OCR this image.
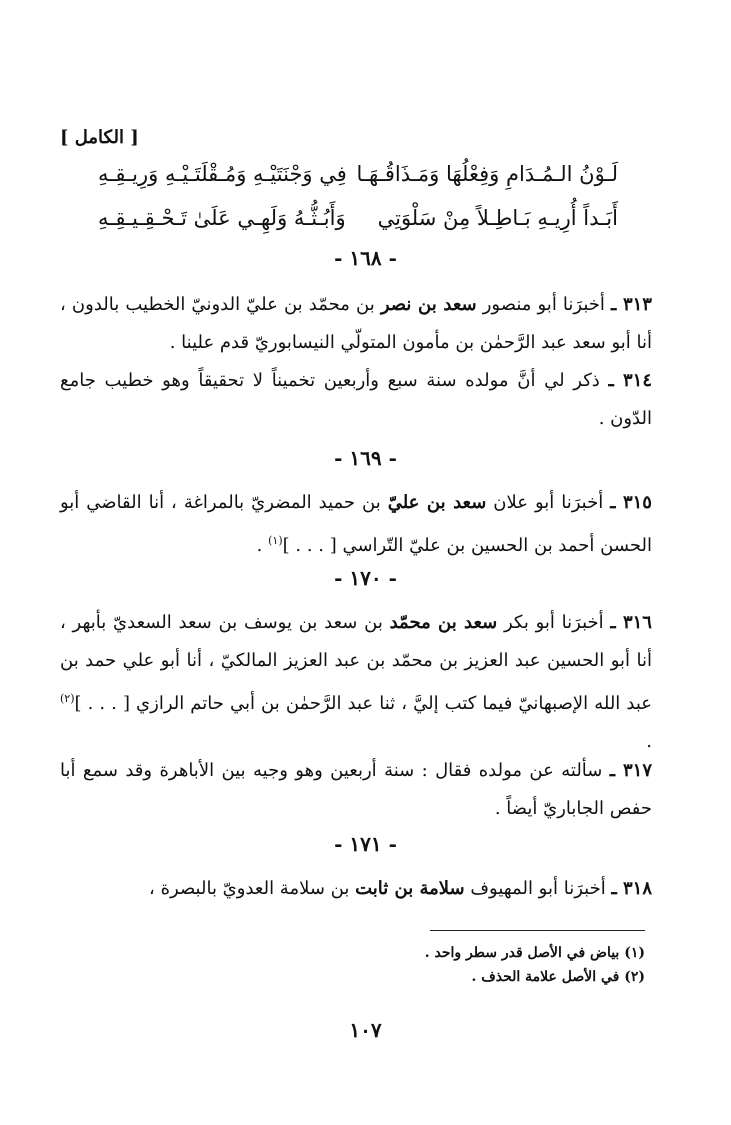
[ الكامل ]
لَـوْنُ الـمُـدَامِ وَفِعْلُهَا وَمَـذَاقُـهَـا
فِي وَجْنَتَيْـهِ وَمُـقْلَتَـيْـهِ وَرِيـقِـهِ
أَبَـداً أُرِيـهِ بَـاطِـلاً مِنْ سَلْوَتِي
وَأَبُـثُّـهُ وَلَهِـي عَلَىٰ تَـحْـقِـيـقِـهِ
- ١٦٨ -
٣١٣ ـ أخبرَنا أبو منصور سعد بن نصر بن محمّد بن عليّ الدونيّ الخطيب بالدون ، أنا أبو سعد عبد الرَّحمٰن بن مأمون المتولّي النيسابوريّ قدم علينا .
٣١٤ ـ ذكر لي أنَّ مولده سنة سبع وأربعين تخميناً لا تحقيقاً وهو خطيب جامع الدّون .
- ١٦٩ -
٣١٥ ـ أخبرَنا أبو علان سعد بن عليّ بن حميد المضريّ بالمراغة ، أنا القاضي أبو الحسن أحمد بن الحسين بن عليّ التّراسي [ . . . ]$^{(١)}$ .
- ١٧٠ -
٣١٦ ـ أخبرَنا أبو بكر سعد بن محمّد بن سعد بن يوسف بن سعد السعديّ بأبهر ، أنا أبو الحسين عبد العزيز بن محمّد بن عبد العزيز المالكيّ ، أنا أبو علي حمد بن عبد الله الإصبهانيّ فيما كتب إليَّ ، ثنا عبد الرَّحمٰن بن أبي حاتم الرازي [ . . . ]$^{(٢)}$ .
٣١٧ ـ سألته عن مولده فقال : سنة أربعين وهو وجيه بين الأباهرة وقد سمع أبا حفص الجاباريّ أيضاً .
- ١٧١ -
٣١٨ ـ أخبرَنا أبو المهيوف سلامة بن ثابت بن سلامة العدويّ بالبصرة ،
(١) بياض في الأصل قدر سطر واحد .
(٢) في الأصل علامة الحذف .
١٠٧
